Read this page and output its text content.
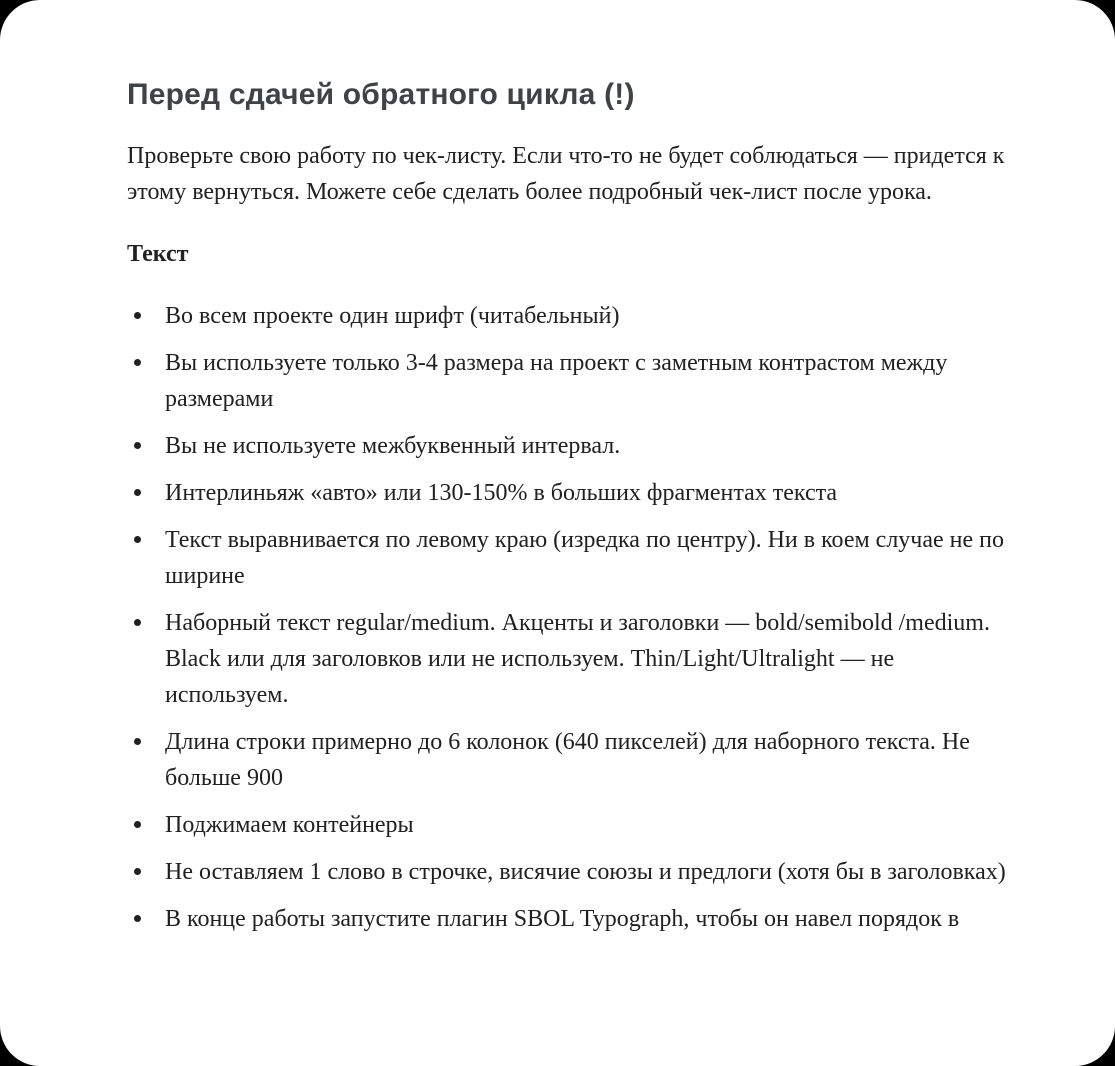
Перед сдачей обратного цикла (!)

Проверьте свою работу по чек-листу. Если что-то не будет соблюдаться — придется к этому вернуться. Можете себе сделать более подробный чек-лист после урока.

Текст
Во всем проекте один шрифт (читабельный)
Вы используете только 3-4 размера на проект с заметным контрастом между размерами
Вы не используете межбуквенный интервал.
Интерлиньяж «авто» или 130-150% в больших фрагментах текста
Текст выравнивается по левому краю (изредка по центру). Ни в коем случае не по ширине
Наборный текст regular/medium. Акценты и заголовки — bold/semibold /medium. Black или для заголовков или не используем. Thin/Light/Ultralight — не используем.
Длина строки примерно до 6 колонок (640 пикселей) для наборного текста. Не больше 900
Поджимаем контейнеры
Не оставляем 1 слово в строчке, висячие союзы и предлоги (хотя бы в заголовках)
В конце работы запустите плагин SBOL Typograph, чтобы он навел порядок в
